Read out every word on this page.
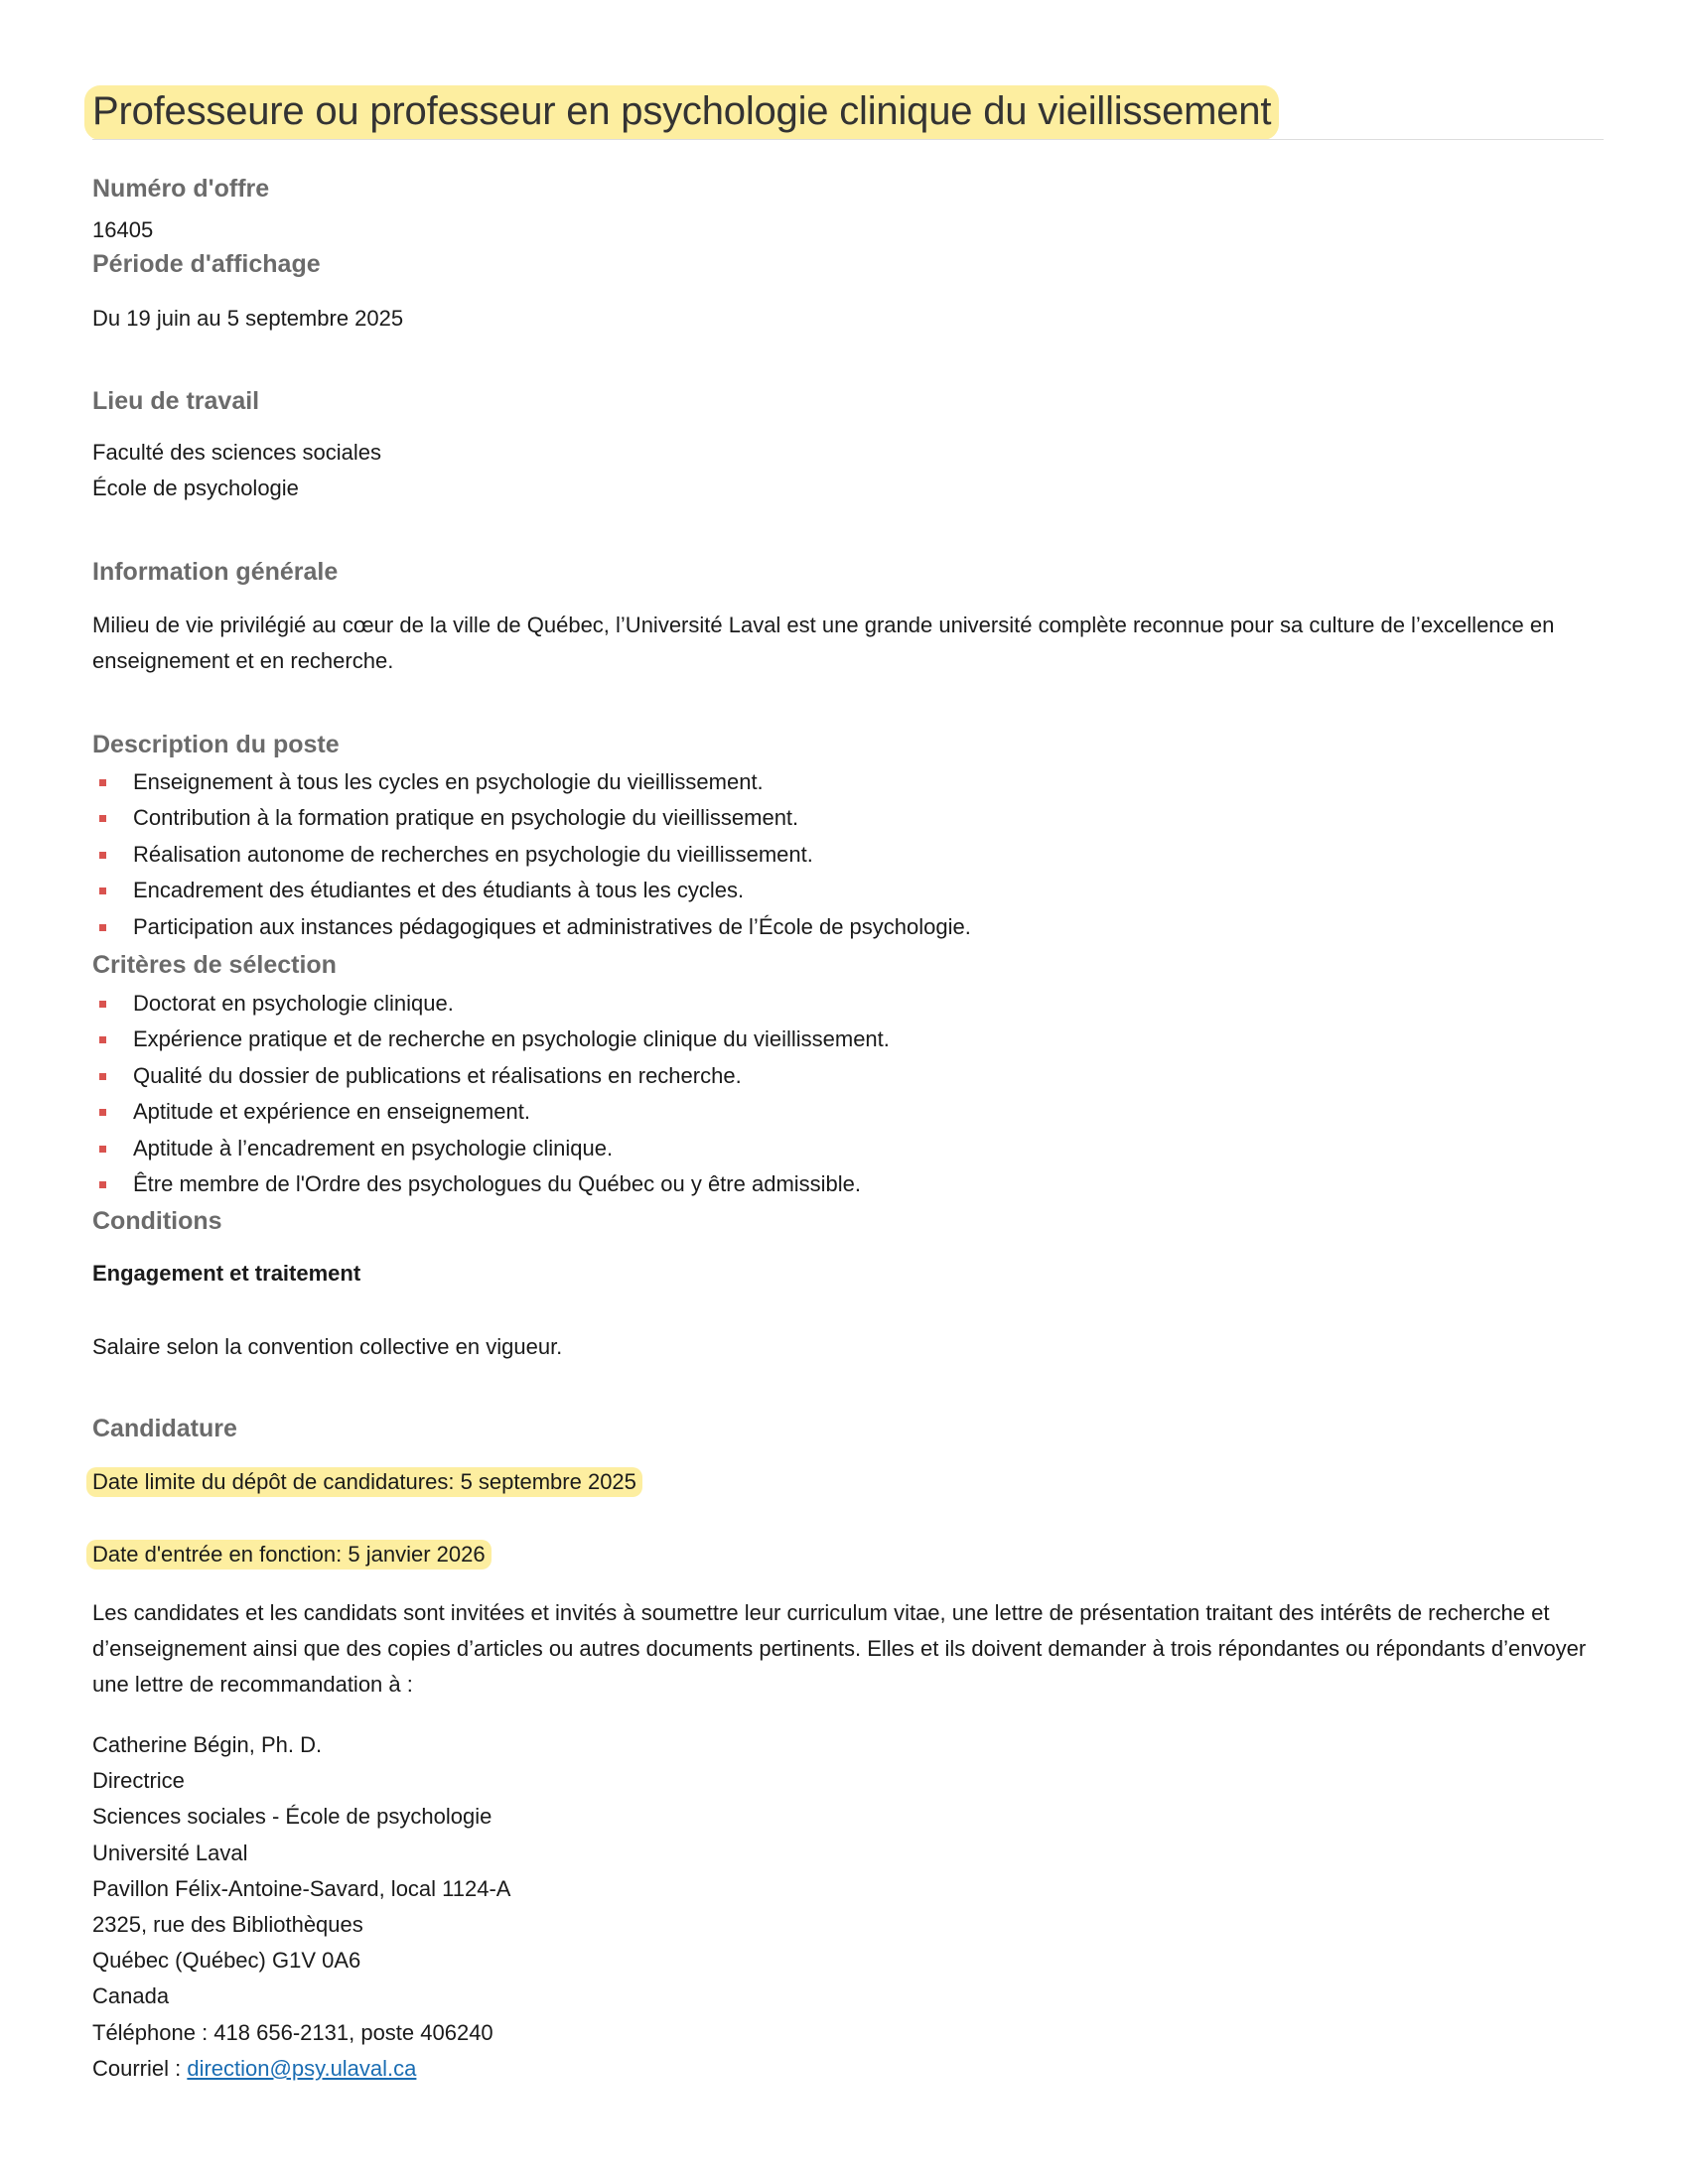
Professeure ou professeur en psychologie clinique du vieillissement
Numéro d'offre
16405
Période d'affichage
Du 19 juin au 5 septembre 2025
Lieu de travail
Faculté des sciences sociales
École de psychologie
Information générale
Milieu de vie privilégié au cœur de la ville de Québec, l’Université Laval est une grande université complète reconnue pour sa culture de l’excellence en enseignement et en recherche.
Description du poste
Enseignement à tous les cycles en psychologie du vieillissement.
Contribution à la formation pratique en psychologie du vieillissement.
Réalisation autonome de recherches en psychologie du vieillissement.
Encadrement des étudiantes et des étudiants à tous les cycles.
Participation aux instances pédagogiques et administratives de l’École de psychologie.
Critères de sélection
Doctorat en psychologie clinique.
Expérience pratique et de recherche en psychologie clinique du vieillissement.
Qualité du dossier de publications et réalisations en recherche.
Aptitude et expérience en enseignement.
Aptitude à l’encadrement en psychologie clinique.
Être membre de l'Ordre des psychologues du Québec ou y être admissible.
Conditions
Engagement et traitement
Salaire selon la convention collective en vigueur.
Candidature
Date limite du dépôt de candidatures: 5 septembre 2025
Date d'entrée en fonction: 5 janvier 2026
Les candidates et les candidats sont invitées et invités à soumettre leur curriculum vitae, une lettre de présentation traitant des intérêts de recherche et d’enseignement ainsi que des copies d’articles ou autres documents pertinents. Elles et ils doivent demander à trois répondantes ou répondants d’envoyer une lettre de recommandation à :
Catherine Bégin, Ph. D.
Directrice
Sciences sociales - École de psychologie
Université Laval
Pavillon Félix-Antoine-Savard, local 1124-A
2325, rue des Bibliothèques
Québec (Québec) G1V 0A6
Canada
Téléphone : 418 656-2131, poste 406240
Courriel : direction@psy.ulaval.ca
